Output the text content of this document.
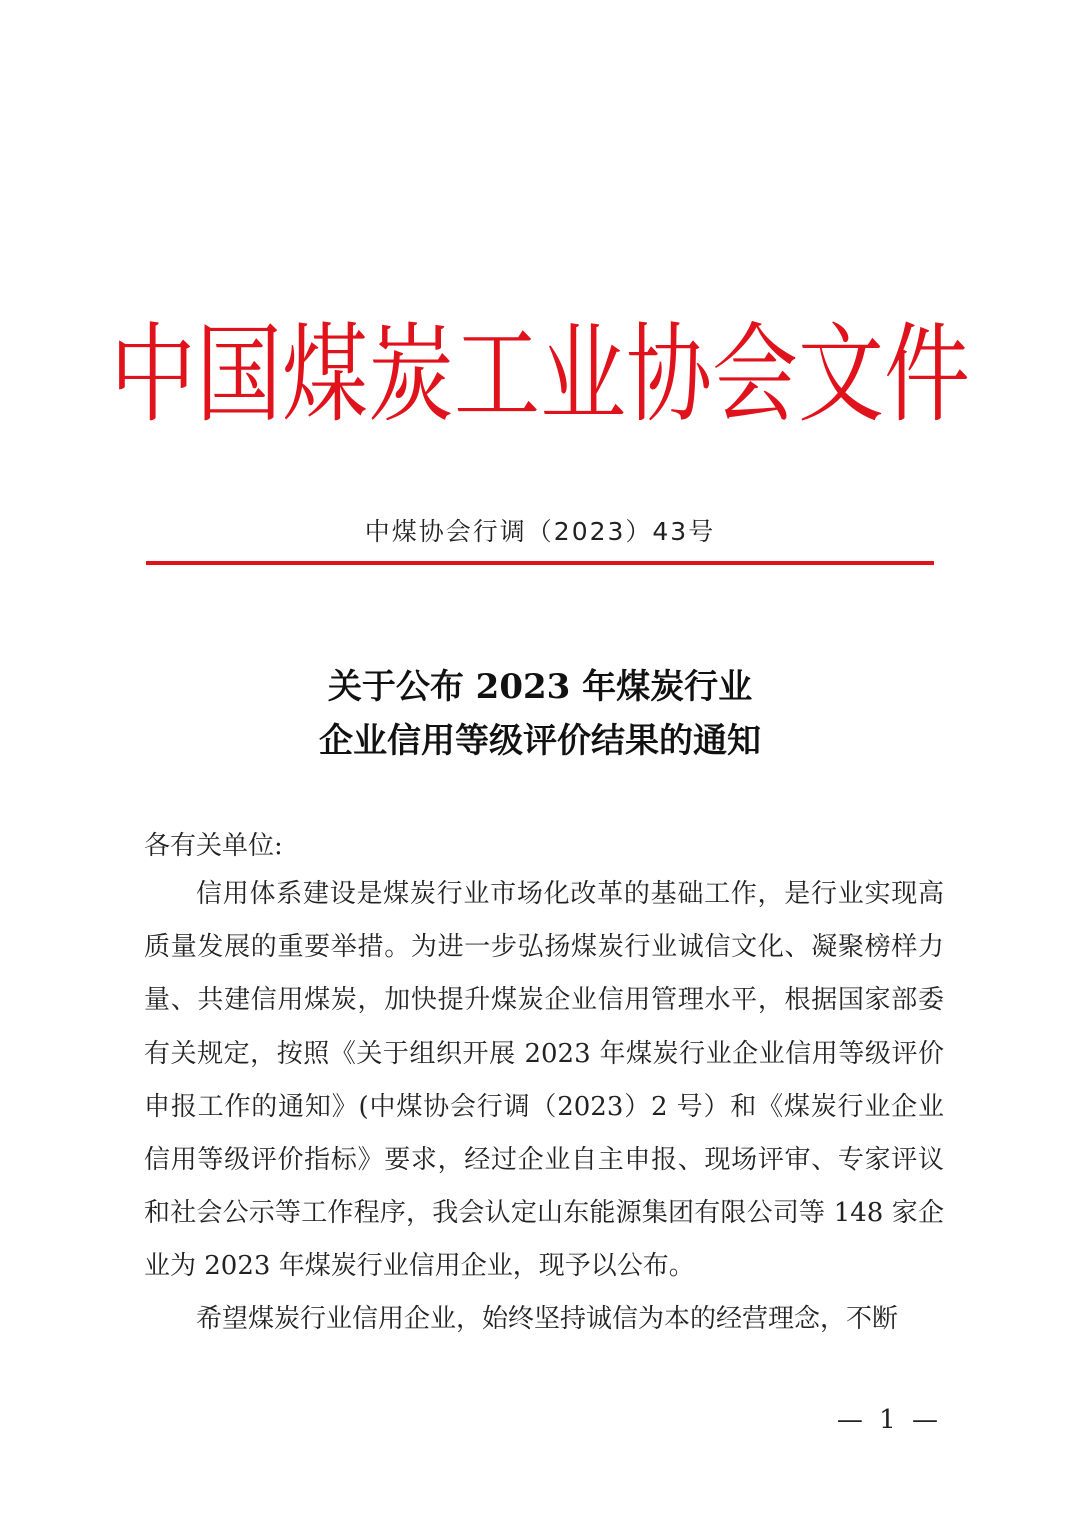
中国煤炭工业协会文件
中煤协会行调（2023）43号
关于公布 2023 年煤炭行业
企业信用等级评价结果的通知
各有关单位:

信用体系建设是煤炭行业市场化改革的基础工作，是行业实现高质量发展的重要举措。为进一步弘扬煤炭行业诚信文化、凝聚榜样力量、共建信用煤炭，加快提升煤炭企业信用管理水平，根据国家部委有关规定，按照《关于组织开展 2023 年煤炭行业企业信用等级评价申报工作的通知》(中煤协会行调（2023）2 号）和《煤炭行业企业信用等级评价指标》要求，经过企业自主申报、现场评审、专家评议和社会公示等工作程序，我会认定山东能源集团有限公司等 148 家企业为 2023 年煤炭行业信用企业，现予以公布。

希望煤炭行业信用企业，始终坚持诚信为本的经营理念，不断

— 1 —
